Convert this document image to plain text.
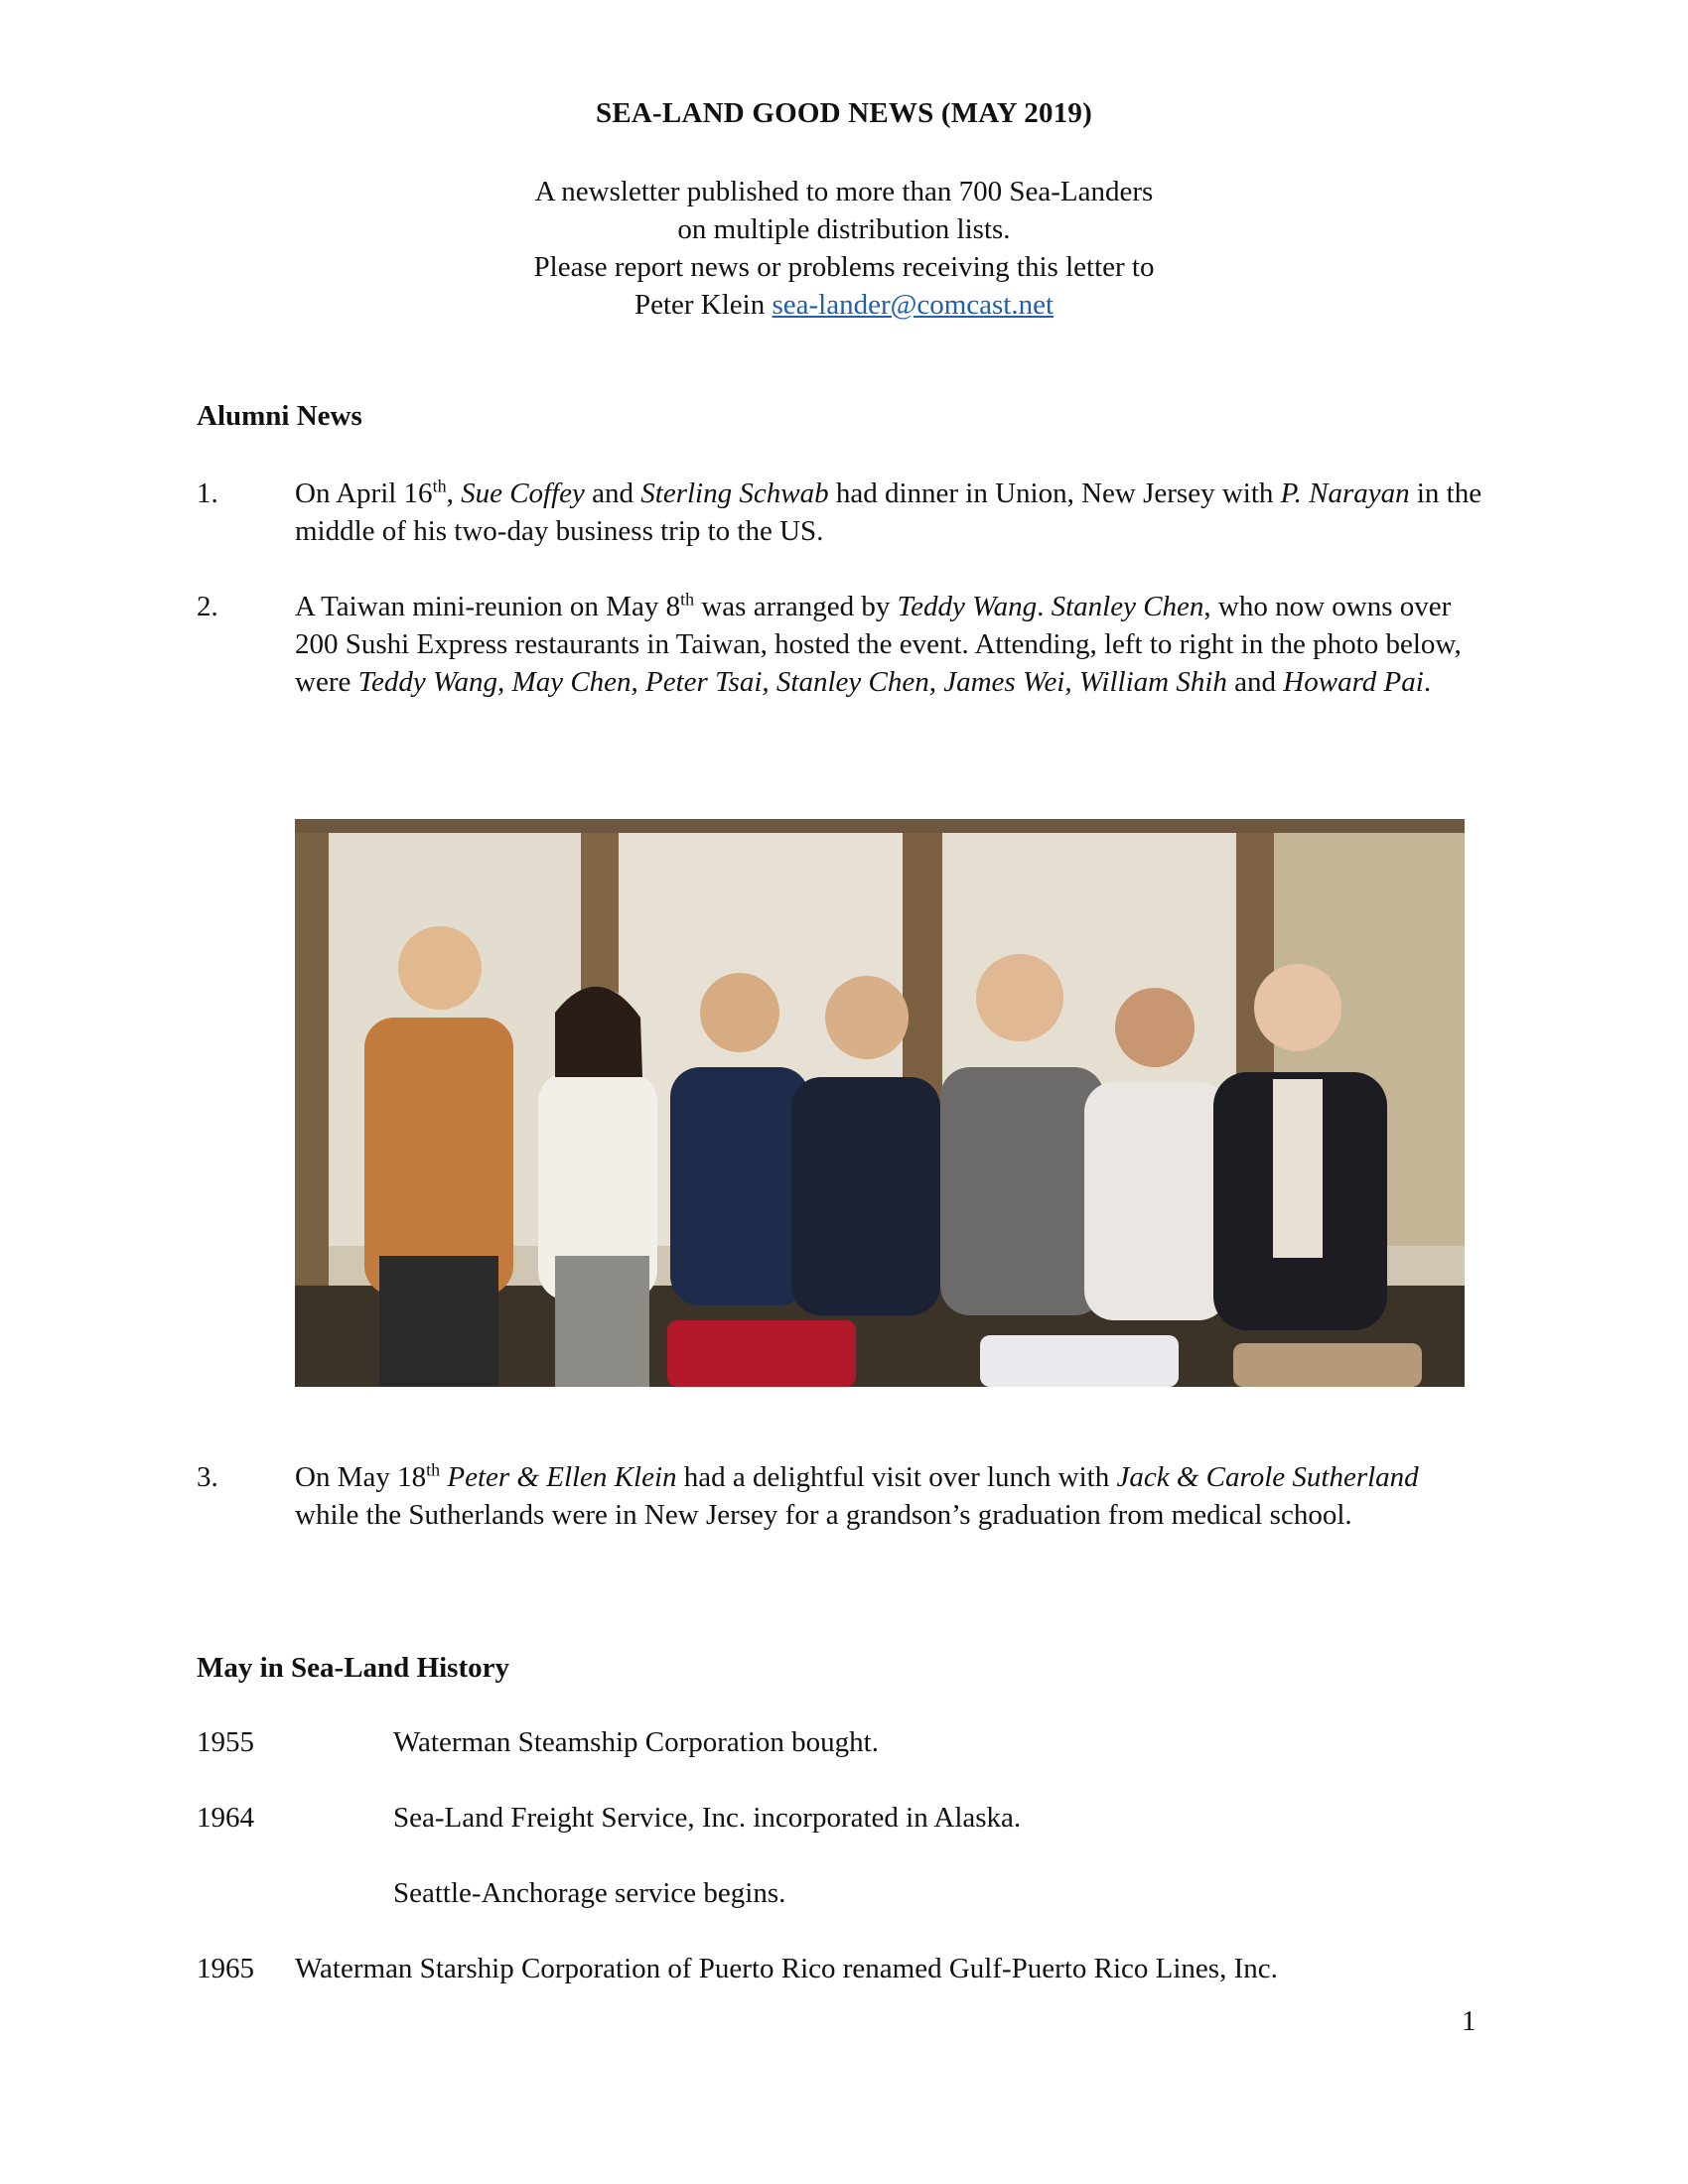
SEA-LAND GOOD NEWS (MAY 2019)
A newsletter published to more than 700 Sea-Landers
on multiple distribution lists.
Please report news or problems receiving this letter to
Peter Klein sea-lander@comcast.net
Alumni News
1.	On April 16th, Sue Coffey and Sterling Schwab had dinner in Union, New Jersey with P. Narayan in the middle of his two-day business trip to the US.
2.	A Taiwan mini-reunion on May 8th was arranged by Teddy Wang. Stanley Chen, who now owns over 200 Sushi Express restaurants in Taiwan, hosted the event. Attending, left to right in the photo below, were Teddy Wang, May Chen, Peter Tsai, Stanley Chen, James Wei, William Shih and Howard Pai.
3.	On May 18th Peter & Ellen Klein had a delightful visit over lunch with Jack & Carole Sutherland while the Sutherlands were in New Jersey for a grandson’s graduation from medical school.
May in Sea-Land History
1955	Waterman Steamship Corporation bought.
1964	Sea-Land Freight Service, Inc. incorporated in Alaska.
Seattle-Anchorage service begins.
1965 Waterman Starship Corporation of Puerto Rico renamed Gulf-Puerto Rico Lines, Inc.
1
